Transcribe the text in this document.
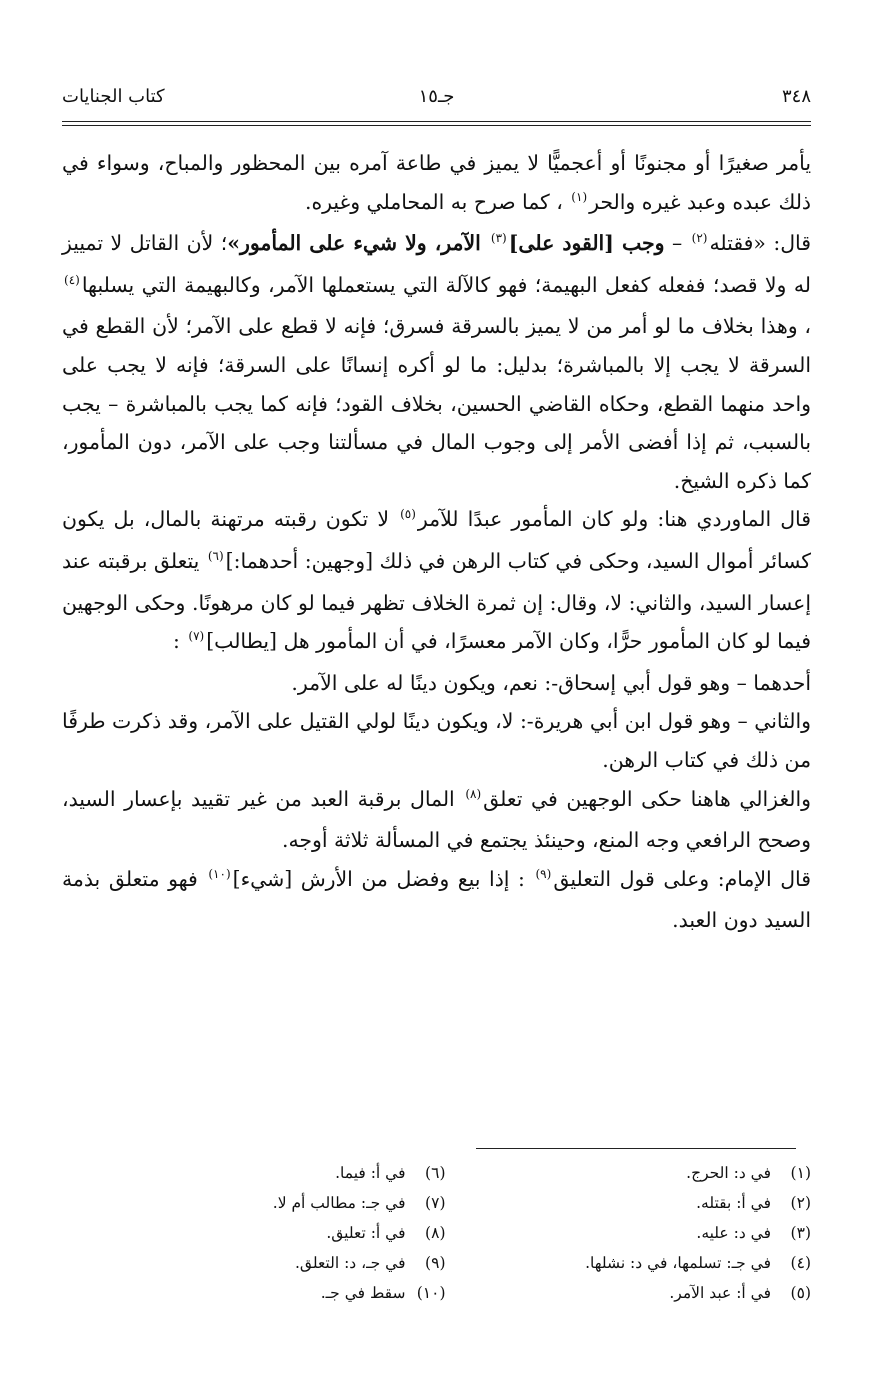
٣٤٨
جـ١٥
كتاب الجنايات

يأمر صغيرًا أو مجنونًا أو أعجميًّا لا يميز في طاعة آمره بين المحظور والمباح، وسواء في ذلك عبده وعبد غيره والحر$^{(١)}$ ، كما صرح به المحاملي وغيره.

قال: «فقتله$^{(٢)}$ – وجب [القود على]$^{(٣)}$ الآمر، ولا شيء على المأمور»؛ لأن القاتل لا تمييز له ولا قصد؛ ففعله كفعل البهيمة؛ فهو كالآلة التي يستعملها الآمر، وكالبهيمة التي يسلبها$^{(٤)}$ ، وهذا بخلاف ما لو أمر من لا يميز بالسرقة فسرق؛ فإنه لا قطع على الآمر؛ لأن القطع في السرقة لا يجب إلا بالمباشرة؛ بدليل: ما لو أكره إنسانًا على السرقة؛ فإنه لا يجب على واحد منهما القطع، وحكاه القاضي الحسين، بخلاف القود؛ فإنه كما يجب بالمباشرة – يجب بالسبب، ثم إذا أفضى الأمر إلى وجوب المال في مسألتنا وجب على الآمر، دون المأمور، كما ذكره الشيخ.

قال الماوردي هنا: ولو كان المأمور عبدًا للآمر$^{(٥)}$ لا تكون رقبته مرتهنة بالمال، بل يكون كسائر أموال السيد، وحكى في كتاب الرهن في ذلك [وجهين: أحدهما:]$^{(٦)}$ يتعلق برقبته عند إعسار السيد، والثاني: لا، وقال: إن ثمرة الخلاف تظهر فيما لو كان مرهونًا. وحكى الوجهين فيما لو كان المأمور حرًّا، وكان الآمر معسرًا، في أن المأمور هل [يطالب]$^{(٧)}$ :

أحدهما – وهو قول أبي إسحاق-: نعم، ويكون دينًا له على الآمر.

والثاني – وهو قول ابن أبي هريرة-: لا، ويكون دينًا لولي القتيل على الآمر، وقد ذكرت طرفًا من ذلك في كتاب الرهن.

والغزالي هاهنا حكى الوجهين في تعلق$^{(٨)}$ المال برقبة العبد من غير تقييد بإعسار السيد، وصحح الرافعي وجه المنع، وحينئذ يجتمع في المسألة ثلاثة أوجه.

قال الإمام: وعلى قول التعليق$^{(٩)}$ : إذا بيع وفضل من الأرش [شيء]$^{(١٠)}$ فهو متعلق بذمة السيد دون العبد.

(١)في د: الحرج.
(٢)في أ: بقتله.
(٣)في د: عليه.
(٤)في جـ: تسلمها، في د: نشلها.
(٥)في أ: عبد الآمر.
(٦)في أ: فيما.
(٧)في جـ: مطالب أم لا.
(٨)في أ: تعليق.
(٩)في جـ، د: التعلق.
(١٠)سقط في جـ.
